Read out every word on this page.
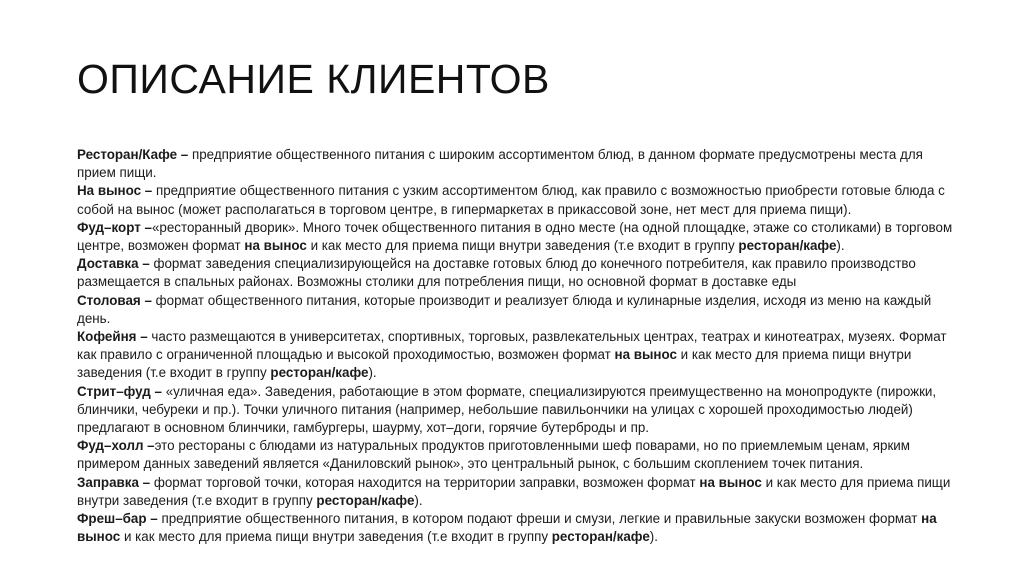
ОПИСАНИЕ КЛИЕНТОВ

Ресторан/Кафе – предприятие общественного питания с широким ассортиментом блюд, в данном формате предусмотрены места для прием пищи.

На вынос – предприятие общественного питания с узким ассортиментом блюд, как правило с возможностью приобрести готовые блюда с собой на вынос (может располагаться в торговом центре, в гипермаркетах в прикассовой зоне, нет мест для приема пищи).

Фуд–корт –«ресторанный дворик». Много точек общественного питания в одно месте (на одной площадке, этаже со столиками) в торговом центре, возможен формат на вынос и как место для приема пищи внутри заведения (т.е входит в группу ресторан/кафе).

Доставка – формат заведения специализирующейся на доставке готовых блюд до конечного потребителя, как правило производство размещается в спальных районах. Возможны столики для потребления пищи, но основной формат в доставке еды

Столовая – формат общественного питания, которые производит и реализует блюда и кулинарные изделия, исходя из меню на каждый день.

Кофейня – часто размещаются в университетах, спортивных, торговых, развлекательных центрах, театрах и кинотеатрах, музеях. Формат как правило с ограниченной площадью и высокой проходимостью, возможен формат на вынос и как место для приема пищи внутри заведения (т.е входит в группу ресторан/кафе).

Стрит–фуд – «уличная еда». Заведения, работающие в этом формате, специализируются преимущественно на монопродукте (пирожки, блинчики, чебуреки и пр.). Точки уличного питания (например, небольшие павильончики на улицах с хорошей проходимостью людей) предлагают в основном блинчики, гамбургеры, шаурму, хот–доги, горячие бутерброды и пр.

Фуд–холл –это рестораны с блюдами из натуральных продуктов приготовленными шеф поварами, но по приемлемым ценам, ярким примером данных заведений является «Даниловский рынок», это центральный рынок, с большим скоплением точек питания.

Заправка – формат торговой точки, которая находится на территории заправки, возможен формат на вынос и как место для приема пищи внутри заведения (т.е входит в группу ресторан/кафе).

Фреш–бар – предприятие общественного питания, в котором подают фреши и смузи, легкие и правильные закуски возможен формат на вынос и как место для приема пищи внутри заведения (т.е входит в группу ресторан/кафе).
